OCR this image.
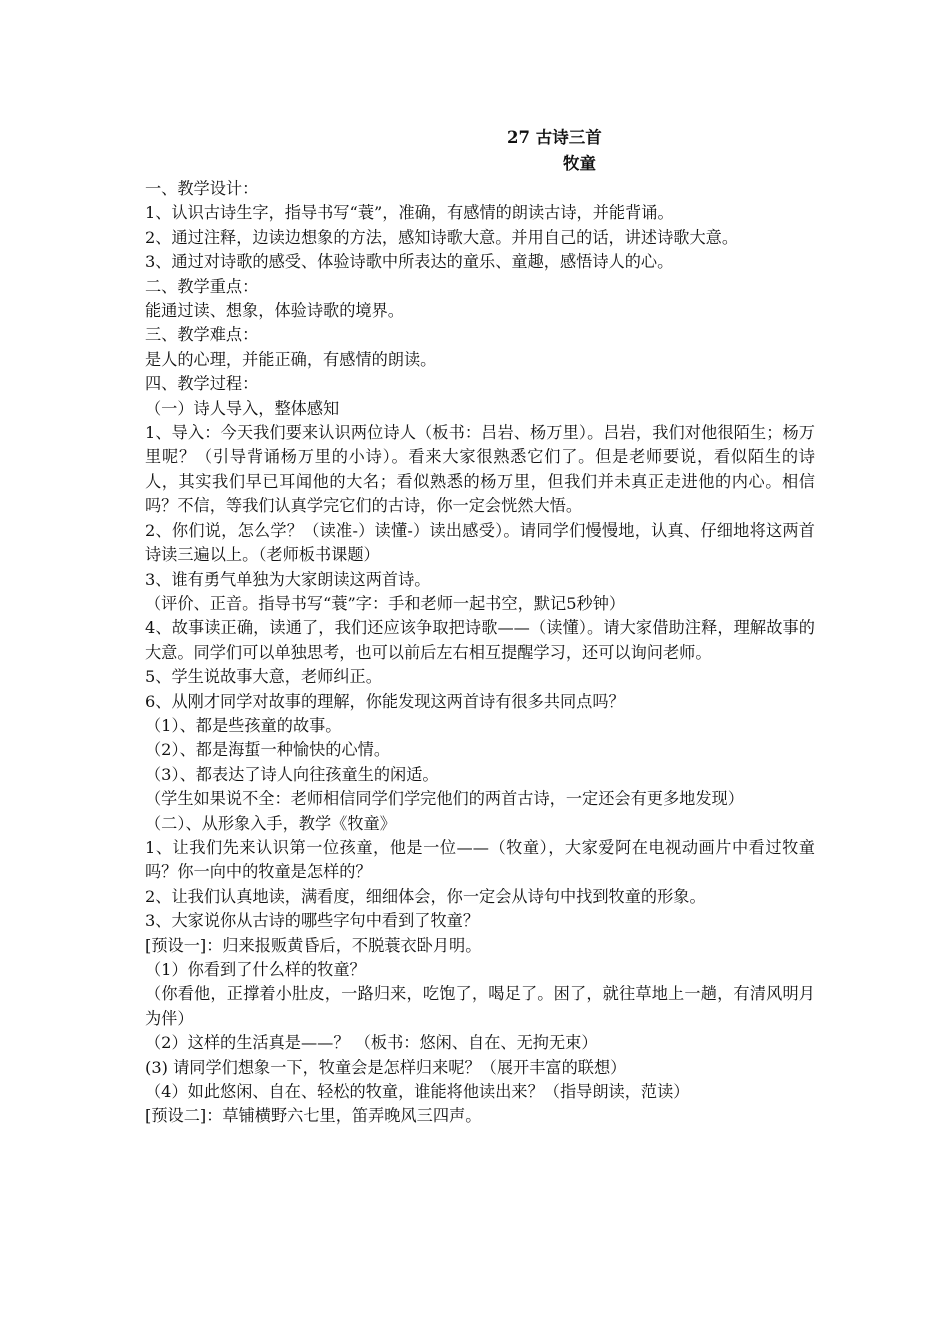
27 古诗三首
牧童

一、教学设计：

1、认识古诗生字，指导书写“蓑”，准确，有感情的朗读古诗，并能背诵。

2、通过注释，边读边想象的方法，感知诗歌大意。并用自己的话，讲述诗歌大意。

3、通过对诗歌的感受、体验诗歌中所表达的童乐、童趣，感悟诗人的心。

二、教学重点：

能通过读、想象，体验诗歌的境界。

三、教学难点：

是人的心理，并能正确，有感情的朗读。

四、教学过程：

（一）诗人导入，整体感知

1、导入：今天我们要来认识两位诗人（板书：吕岩、杨万里）。吕岩，我们对他很陌生；杨万里呢？（引导背诵杨万里的小诗）。看来大家很熟悉它们了。但是老师要说，看似陌生的诗人，其实我们早已耳闻他的大名；看似熟悉的杨万里，但我们并未真正走进他的内心。相信吗？不信，等我们认真学完它们的古诗，你一定会恍然大悟。

2、你们说，怎么学？（读准-）读懂-）读出感受）。请同学们慢慢地，认真、仔细地将这两首诗读三遍以上。（老师板书课题）

3、谁有勇气单独为大家朗读这两首诗。

（评价、正音。指导书写“蓑”字：手和老师一起书空，默记5秒钟）

4、故事读正确，读通了，我们还应该争取把诗歌——（读懂）。请大家借助注释，理解故事的大意。同学们可以单独思考，也可以前后左右相互提醒学习，还可以询问老师。

5、学生说故事大意，老师纠正。

6、从刚才同学对故事的理解，你能发现这两首诗有很多共同点吗？

（1）、都是些孩童的故事。

（2）、都是海蜇一种愉快的心情。

（3）、都表达了诗人向往孩童生的闲适。

（学生如果说不全：老师相信同学们学完他们的两首古诗，一定还会有更多地发现）

（二）、从形象入手，教学《牧童》

1、让我们先来认识第一位孩童，他是一位——（牧童），大家爱阿在电视动画片中看过牧童吗？你一向中的牧童是怎样的？

2、让我们认真地读，满看度，细细体会，你一定会从诗句中找到牧童的形象。

3、大家说你从古诗的哪些字句中看到了牧童？

[预设一]：归来报贩黄昏后，不脱蓑衣卧月明。

（1）你看到了什么样的牧童？

（你看他，正撑着小肚皮，一路归来，吃饱了，喝足了。困了，就往草地上一趟，有清风明月为伴）

（2）这样的生活真是——？ （板书：悠闲、自在、无拘无束）

(3) 请同学们想象一下，牧童会是怎样归来呢？（展开丰富的联想）

（4）如此悠闲、自在、轻松的牧童，谁能将他读出来？（指导朗读，范读）

[预设二]：草铺横野六七里，笛弄晚风三四声。
